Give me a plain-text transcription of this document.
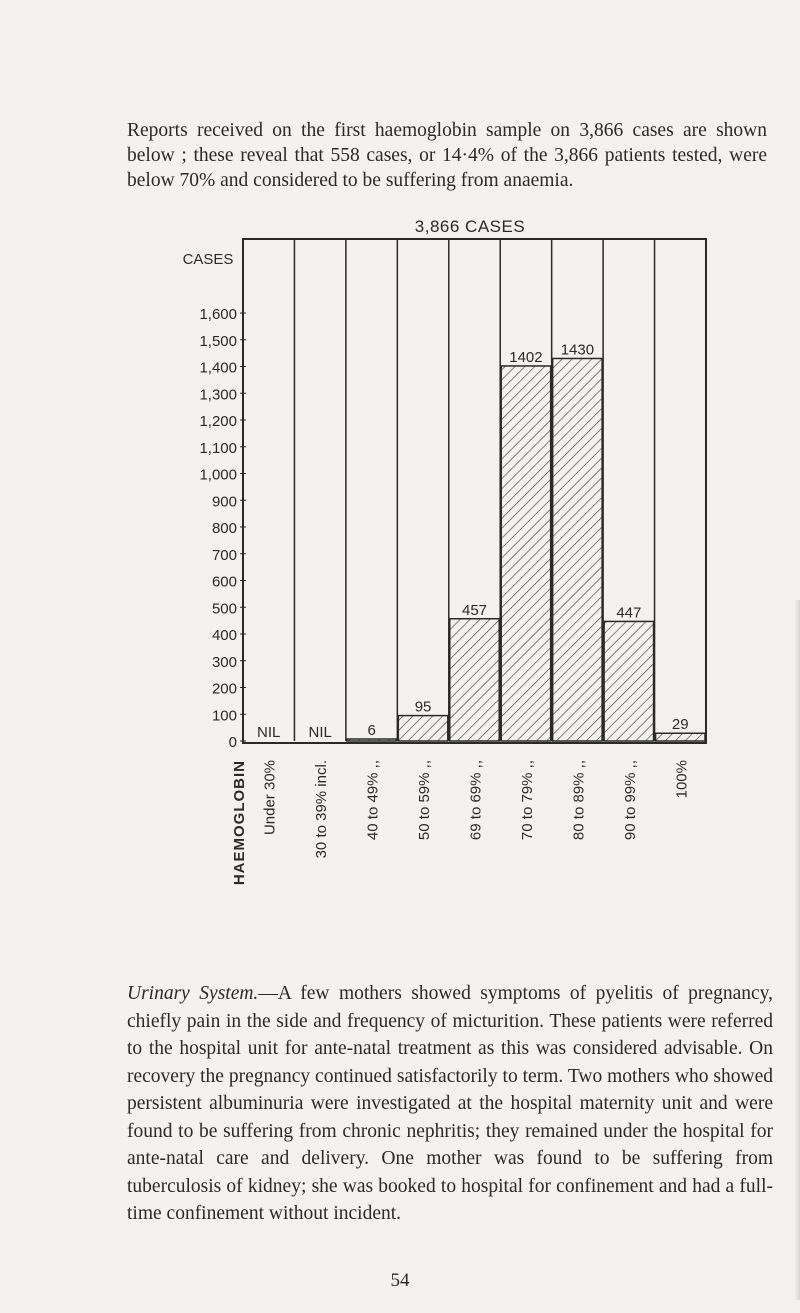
Reports received on the first haemoglobin sample on 3,866 cases are shown below ; these reveal that 558 cases, or 14·4% of the 3,866 patients tested, were below 70% and considered to be suffering from anaemia.

3,866 CASES
CASES
HAEMOGLOBIN
0
100
200
300
400
500
600
700
800
900
1,000
1,100
1,200
1,300
1,400
1,500
1,600
NIL NIL 6
95
457
1402 1430
447
29
Under 30% 30 to 39% incl. 40 to 49% ,, 50 to 59% ,, 69 to 69% ,, 70 to 79% ,, 80 to 89% ,, 90 to 99% ,, 100%
Urinary System.—A few mothers showed symptoms of pyelitis of pregnancy, chiefly pain in the side and frequency of micturition. These patients were referred to the hospital unit for ante-natal treatment as this was considered advisable. On recovery the pregnancy continued satisfactorily to term. Two mothers who showed persistent albuminuria were investigated at the hospital maternity unit and were found to be suffering from chronic nephritis; they remained under the hospital for ante-natal care and delivery. One mother was found to be suffering from tuberculosis of kidney; she was booked to hospital for confinement and had a full-time confinement without incident.
54
